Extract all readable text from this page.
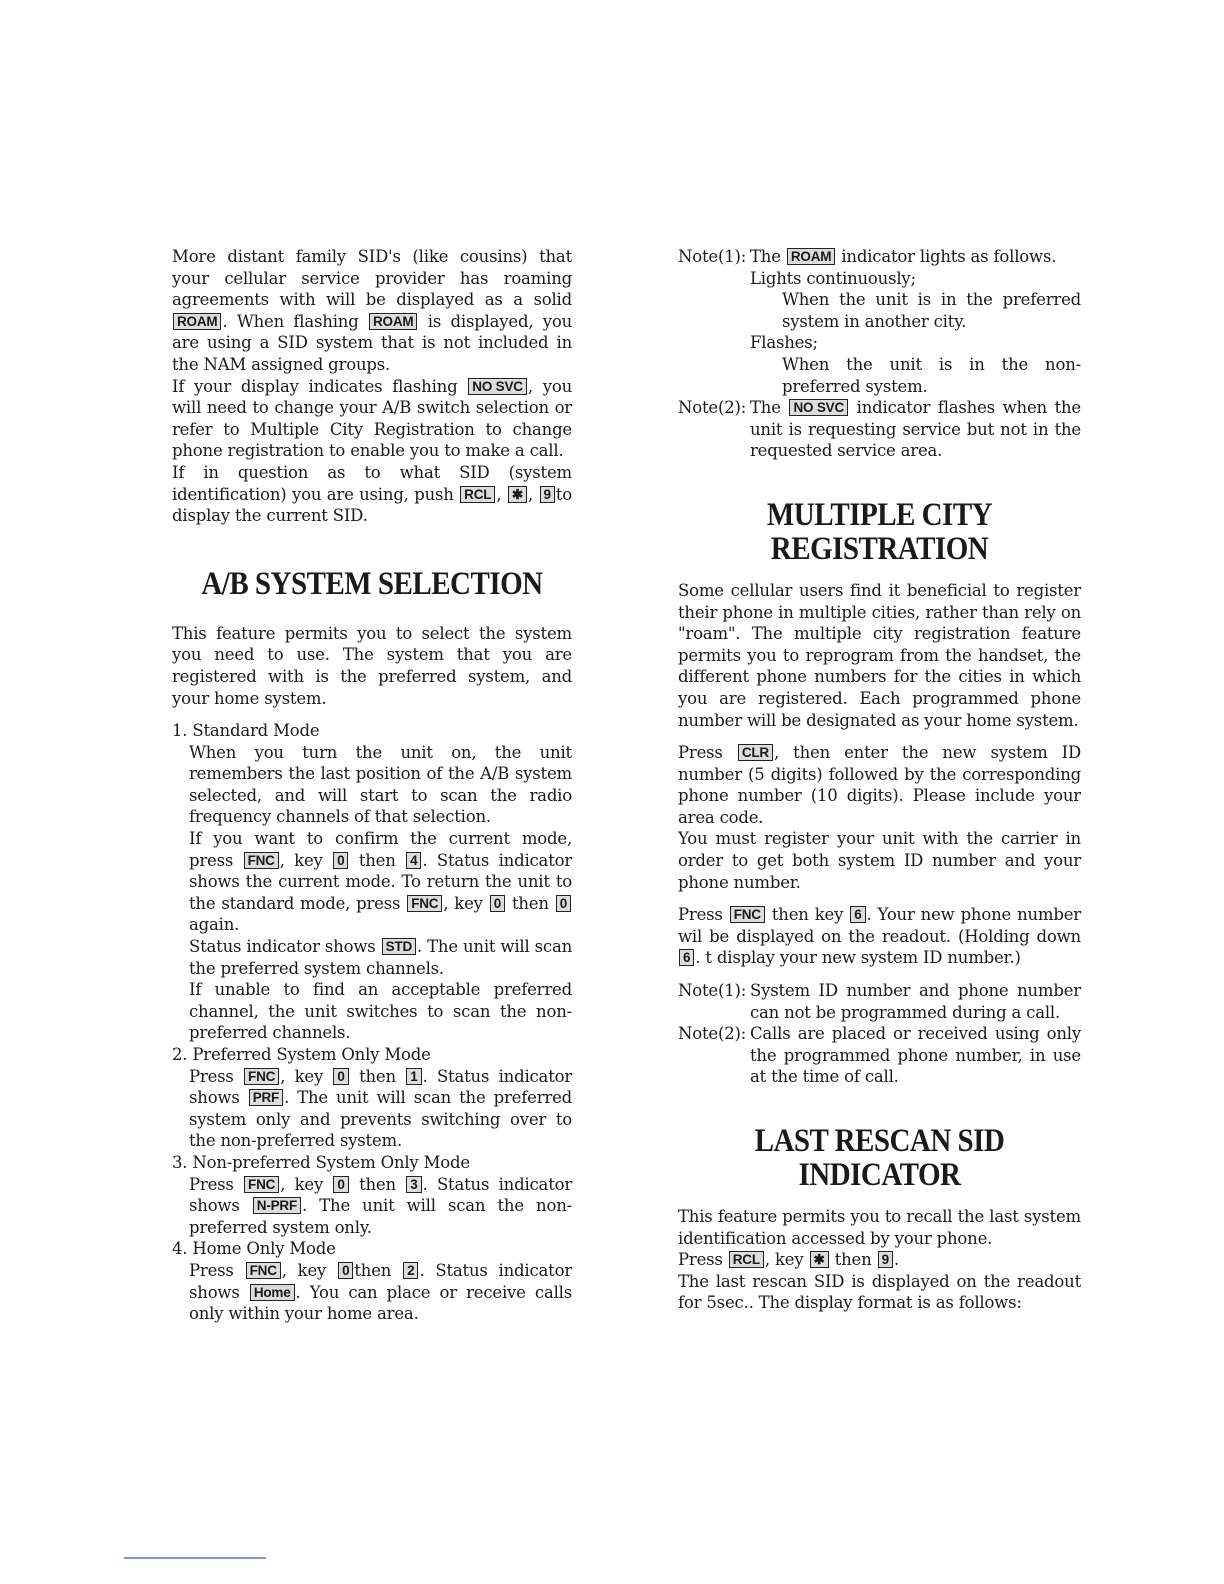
More distant family SID's (like cousins) that your cellular service provider has roaming agreements with will be displayed as a solid ROAM . When flashing ROAM is displayed, you are using a SID system that is not included in the NAM assigned groups.

If your display indicates flashing NO SVC , you will need to change your A/B switch selection or refer to Multiple City Registration to change phone registration to enable you to make a call.

If in question as to what SID (system identification) you are using, push RCL , ✱ , 9 to display the current SID.

A/B SYSTEM SELECTION

This feature permits you to select the system you need to use. The system that you are registered with is the preferred system, and your home system.

1. Standard Mode

When you turn the unit on, the unit remembers the last position of the A/B system selected, and will start to scan the radio frequency channels of that selection.

If you want to confirm the current mode, press FNC , key 0 then 4 . Status indicator shows the current mode. To return the unit to the standard mode, press FNC , key 0 then 0 again.

Status indicator shows STD . The unit will scan the preferred system channels.

If unable to find an acceptable preferred channel, the unit switches to scan the non-preferred channels.

2. Preferred System Only Mode

Press FNC , key 0 then 1 . Status indicator shows PRF . The unit will scan the preferred system only and prevents switching over to the non-preferred system.

3. Non-preferred System Only Mode

Press FNC , key 0 then 3 . Status indicator shows N-PRF . The unit will scan the non-preferred system only.

4. Home Only Mode

Press FNC , key 0 then 2 . Status indicator shows Home . You can place or receive calls only within your home area.

Note(1): The ROAM indicator lights as follows.

Lights continuously;

When the unit is in the preferred system in another city.

Flashes;

When the unit is in the non-preferred system.

Note(2): The NO SVC indicator flashes when the unit is requesting service but not in the requested service area.

MULTIPLE CITY
REGISTRATION

Some cellular users find it beneficial to register their phone in multiple cities, rather than rely on "roam". The multiple city registration feature permits you to reprogram from the handset, the different phone numbers for the cities in which you are registered. Each programmed phone number will be designated as your home system.

Press CLR , then enter the new system ID number (5 digits) followed by the corresponding phone number (10 digits). Please include your area code.

You must register your unit with the carrier in order to get both system ID number and your phone number.

Press FNC then key 6 . Your new phone number wil be displayed on the readout. (Holding down 6 . t display your new system ID number.)

Note(1): System ID number and phone number can not be programmed during a call.

Note(2): Calls are placed or received using only the programmed phone number, in use at the time of call.

LAST RESCAN SID
INDICATOR

This feature permits you to recall the last system identification accessed by your phone.

Press RCL , key ✱ then 9 .

The last rescan SID is displayed on the readout for 5sec.. The display format is as follows:
